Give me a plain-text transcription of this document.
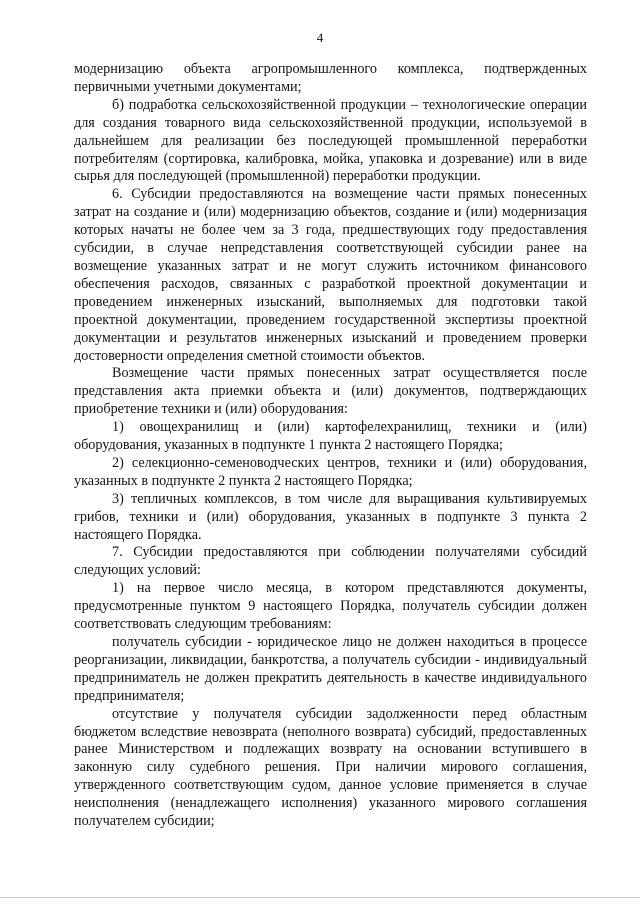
4

модернизацию объекта агропромышленного комплекса, подтвержденных первичными учетными документами;

б) подработка сельскохозяйственной продукции – технологические операции для создания товарного вида сельскохозяйственной продукции, используемой в дальнейшем для реализации без последующей промышленной переработки потребителям (сортировка, калибровка, мойка, упаковка и дозревание) или в виде сырья для последующей (промышленной) переработки продукции.

6. Субсидии предоставляются на возмещение части прямых понесенных затрат на создание и (или) модернизацию объектов, создание и (или) модернизация которых начаты не более чем за 3 года, предшествующих году предоставления субсидии, в случае непредставления соответствующей субсидии ранее на возмещение указанных затрат и не могут служить источником финансового обеспечения расходов, связанных с разработкой проектной документации и проведением инженерных изысканий, выполняемых для подготовки такой проектной документации, проведением государственной экспертизы проектной документации и результатов инженерных изысканий и проведением проверки достоверности определения сметной стоимости объектов.

Возмещение части прямых понесенных затрат осуществляется после представления акта приемки объекта и (или) документов, подтверждающих приобретение техники и (или) оборудования:

1) овощехранилищ и (или) картофелехранилищ, техники и (или) оборудования, указанных в подпункте 1 пункта 2 настоящего Порядка;

2) селекционно-семеноводческих центров, техники и (или) оборудования, указанных в подпункте 2 пункта 2 настоящего Порядка;

3) тепличных комплексов, в том числе для выращивания культивируемых грибов, техники и (или) оборудования, указанных в подпункте 3 пункта 2 настоящего Порядка.

7. Субсидии предоставляются при соблюдении получателями субсидий следующих условий:

1) на первое число месяца, в котором представляются документы, предусмотренные пунктом 9 настоящего Порядка, получатель субсидии должен соответствовать следующим требованиям:

получатель субсидии - юридическое лицо не должен находиться в процессе реорганизации, ликвидации, банкротства, а получатель субсидии - индивидуальный предприниматель не должен прекратить деятельность в качестве индивидуального предпринимателя;

отсутствие у получателя субсидии задолженности перед областным бюджетом вследствие невозврата (неполного возврата) субсидий, предоставленных ранее Министерством и подлежащих возврату на основании вступившего в законную силу судебного решения. При наличии мирового соглашения, утвержденного соответствующим судом, данное условие применяется в случае неисполнения (ненадлежащего исполнения) указанного мирового соглашения получателем субсидии;
